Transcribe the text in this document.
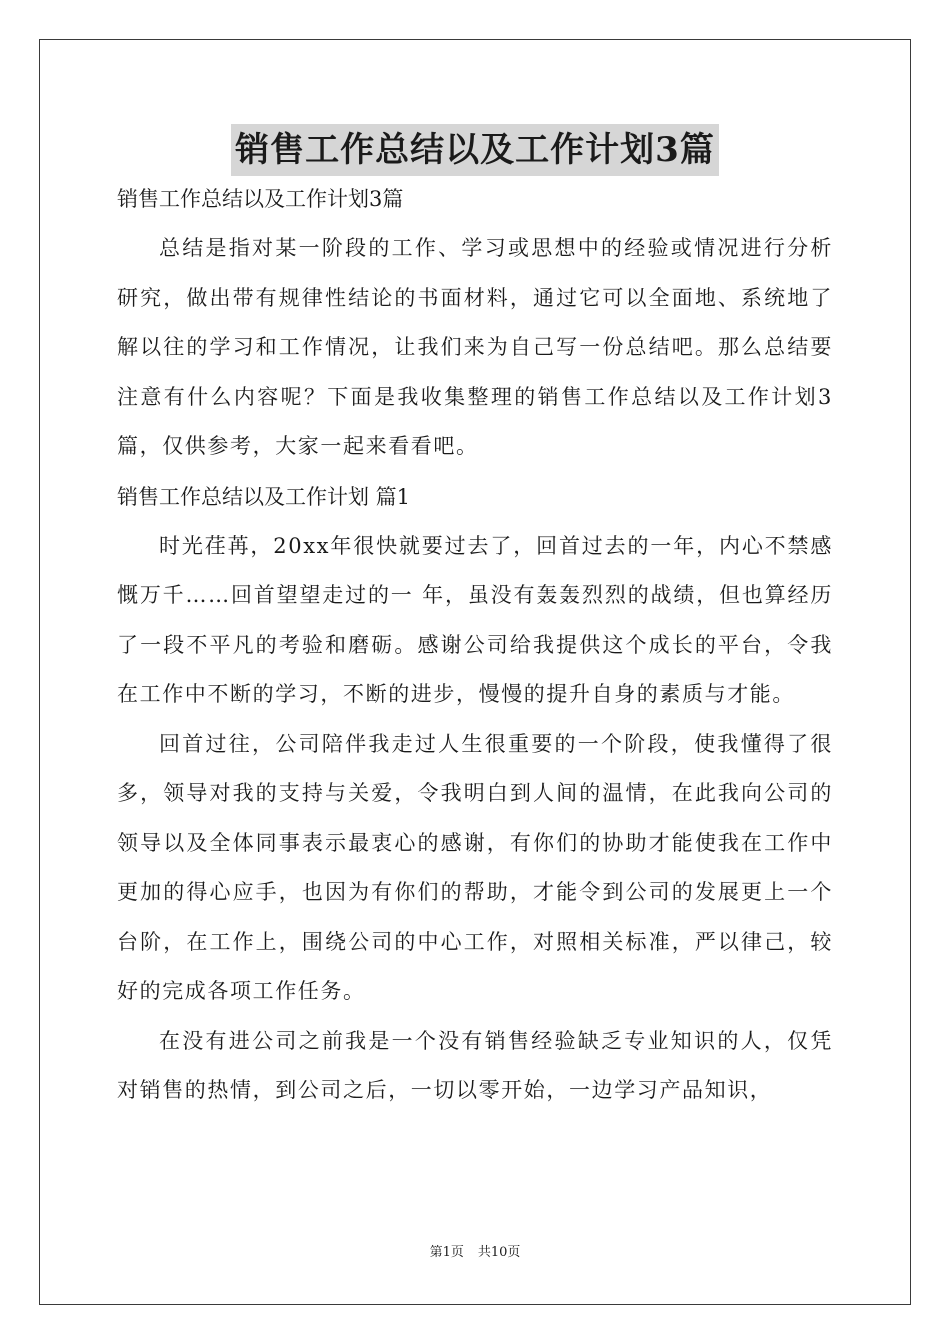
销售工作总结以及工作计划3篇

销售工作总结以及工作计划3篇

总结是指对某一阶段的工作、学习或思想中的经验或情况进行分析研究，做出带有规律性结论的书面材料，通过它可以全面地、系统地了解以往的学习和工作情况，让我们来为自己写一份总结吧。那么总结要注意有什么内容呢？下面是我收集整理的销售工作总结以及工作计划3篇，仅供参考，大家一起来看看吧。

销售工作总结以及工作计划 篇1

时光荏苒，20xx年很快就要过去了，回首过去的一年，内心不禁感慨万千……回首望望走过的一 年，虽没有轰轰烈烈的战绩，但也算经历了一段不平凡的考验和磨砺。感谢公司给我提供这个成长的平台，令我在工作中不断的学习，不断的进步，慢慢的提升自身的素质与才能。

回首过往，公司陪伴我走过人生很重要的一个阶段，使我懂得了很多，领导对我的支持与关爱，令我明白到人间的温情，在此我向公司的领导以及全体同事表示最衷心的感谢，有你们的协助才能使我在工作中更加的得心应手，也因为有你们的帮助，才能令到公司的发展更上一个台阶，在工作上，围绕公司的中心工作，对照相关标准，严以律己，较好的完成各项工作任务。

在没有进公司之前我是一个没有销售经验缺乏专业知识的人，仅凭对销售的热情，到公司之后，一切以零开始，一边学习产品知识，

第1页 共10页
